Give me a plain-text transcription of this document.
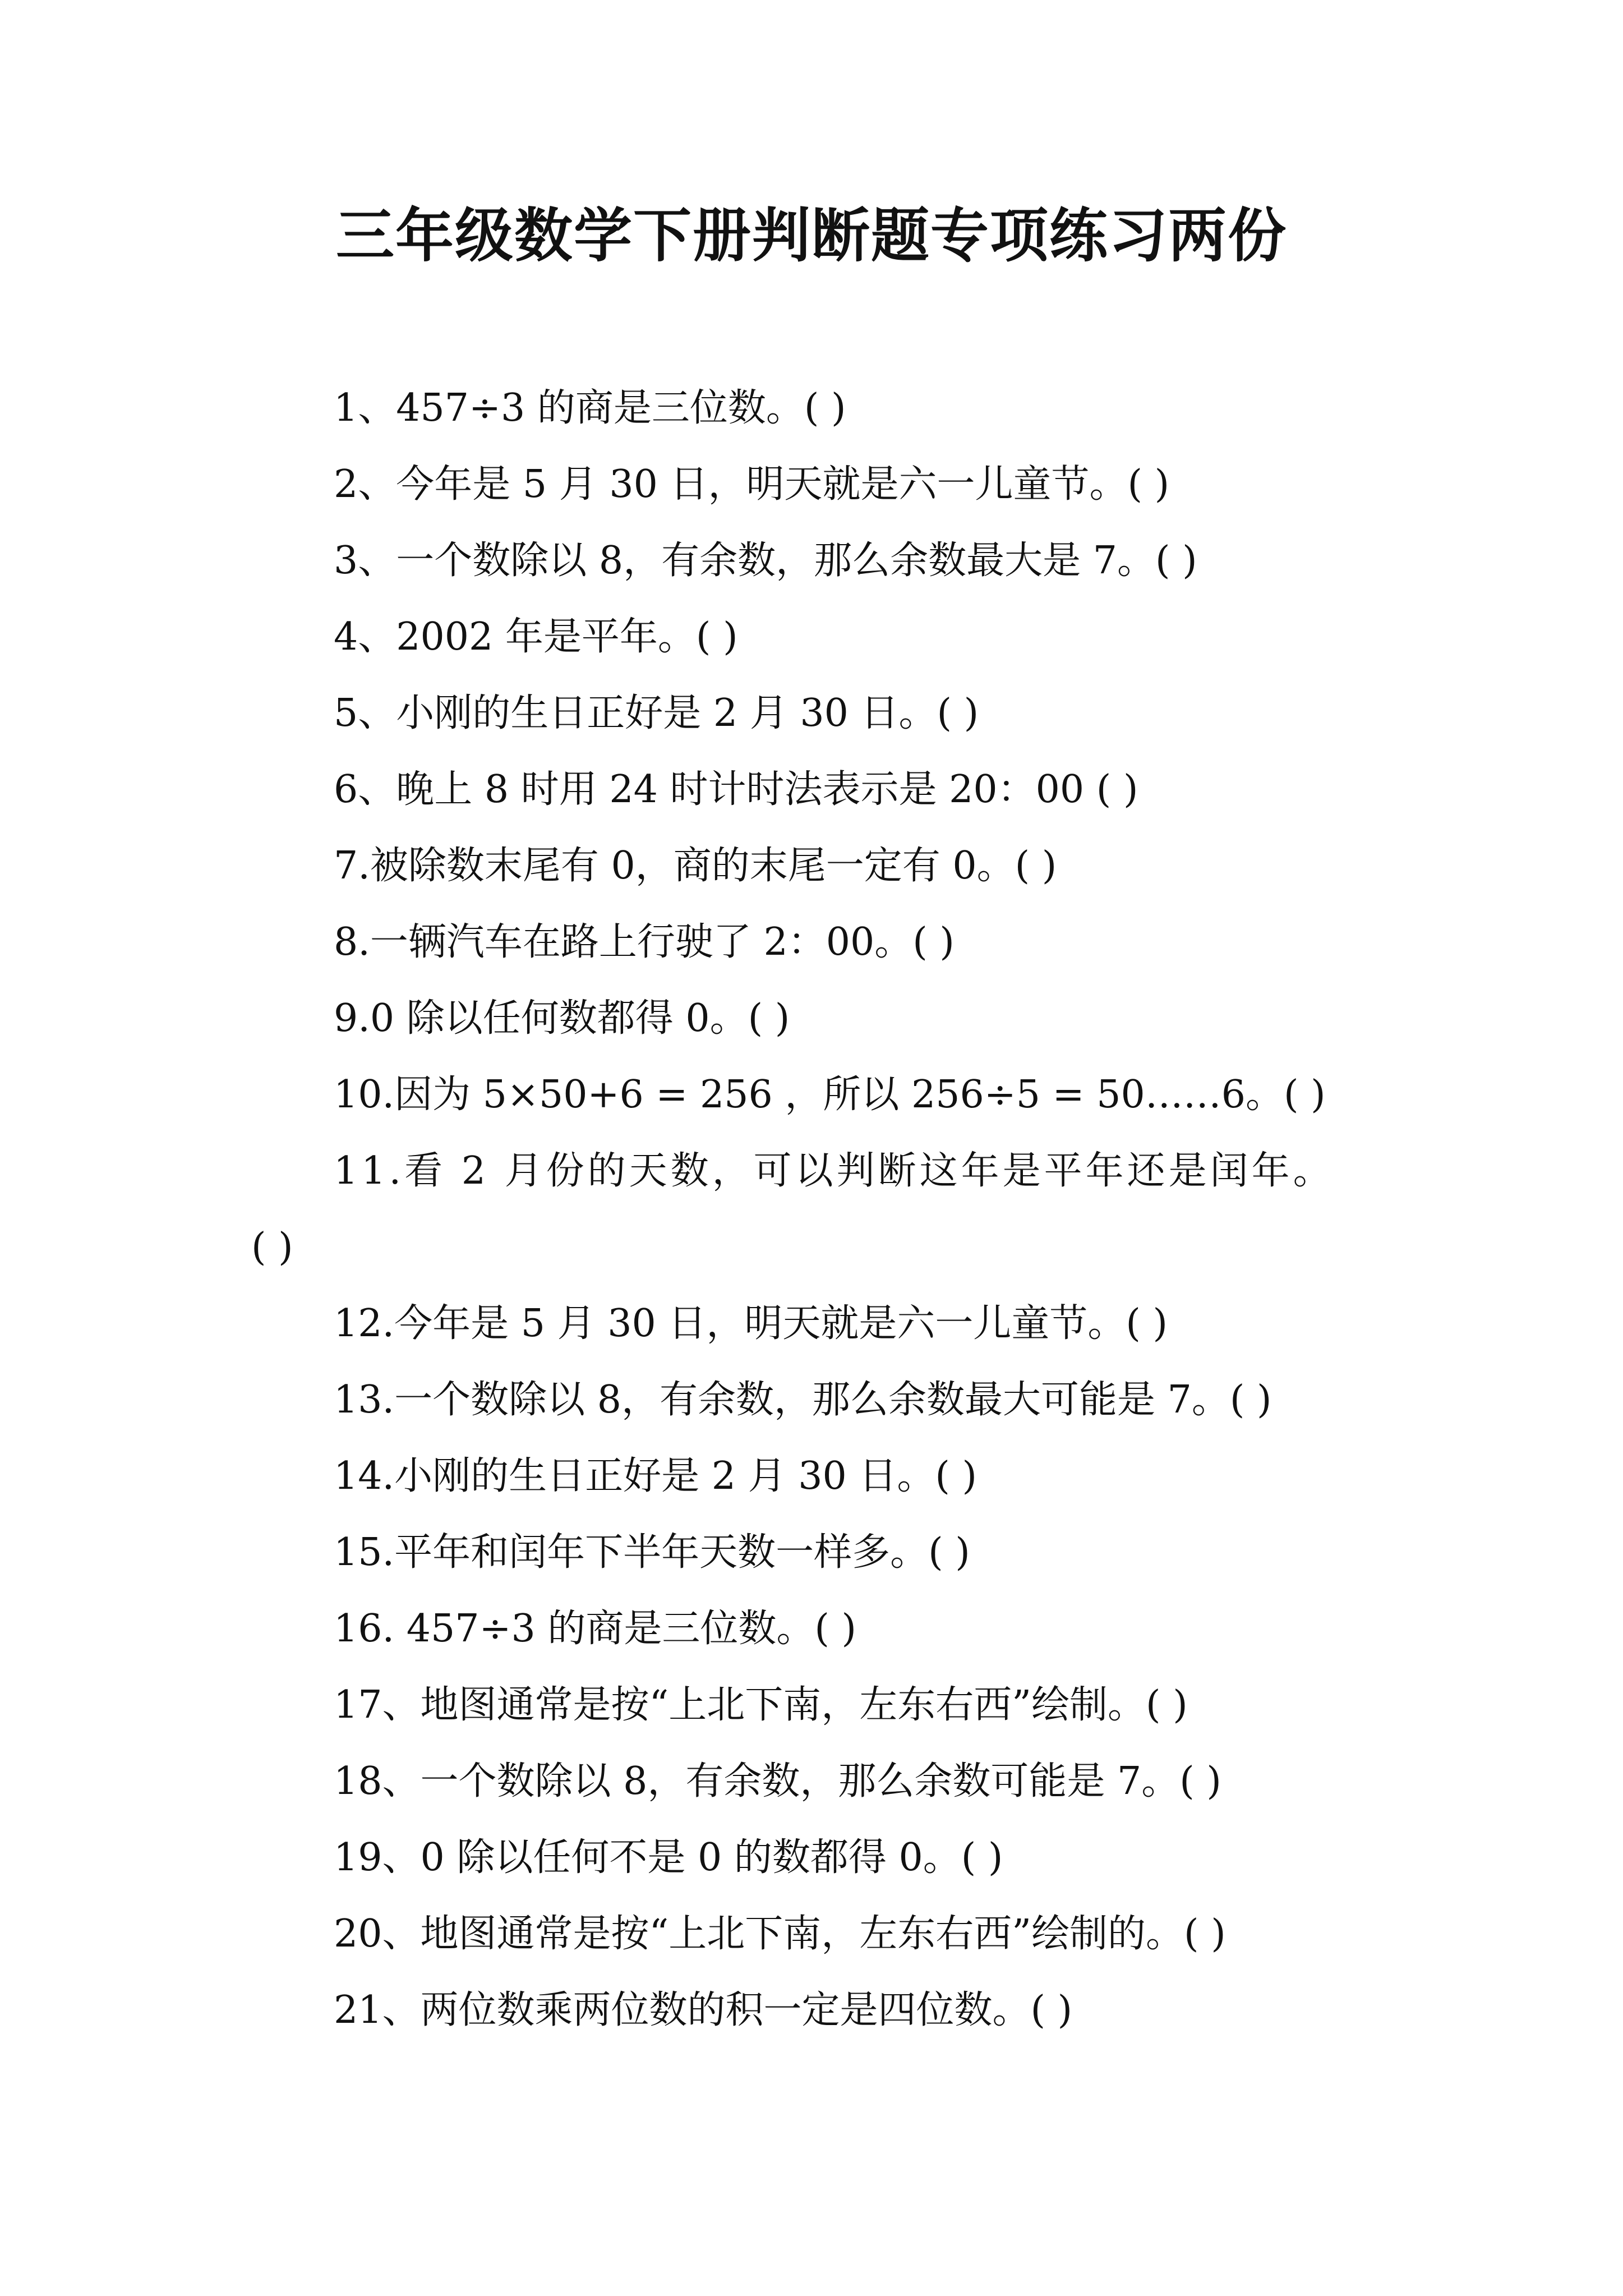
三年级数学下册判断题专项练习两份
1、457÷3 的商是三位数。( )
2、今年是 5 月 30 日，明天就是六一儿童节。( )
3、一个数除以 8，有余数，那么余数最大是 7。( )
4、2002 年是平年。( )
5、小刚的生日正好是 2 月 30 日。( )
6、晚上 8 时用 24 时计时法表示是 20：00 ( )
7.被除数末尾有 0，商的末尾一定有 0。( )
8.一辆汽车在路上行驶了 2：00。( )
9.0 除以任何数都得 0。( )
10.因为 5×50+6 = 256 ，所以 256÷5 = 50……6。( )
11.看 2 月份的天数，可以判断这年是平年还是闰年。
( )
12.今年是 5 月 30 日，明天就是六一儿童节。( )
13.一个数除以 8，有余数，那么余数最大可能是 7。( )
14.小刚的生日正好是 2 月 30 日。( )
15.平年和闰年下半年天数一样多。( )
16. 457÷3 的商是三位数。( )
17、地图通常是按“上北下南，左东右西”绘制。( )
18、一个数除以 8，有余数，那么余数可能是 7。( )
19、0 除以任何不是 0 的数都得 0。( )
20、地图通常是按“上北下南，左东右西”绘制的。( )
21、两位数乘两位数的积一定是四位数。( )
